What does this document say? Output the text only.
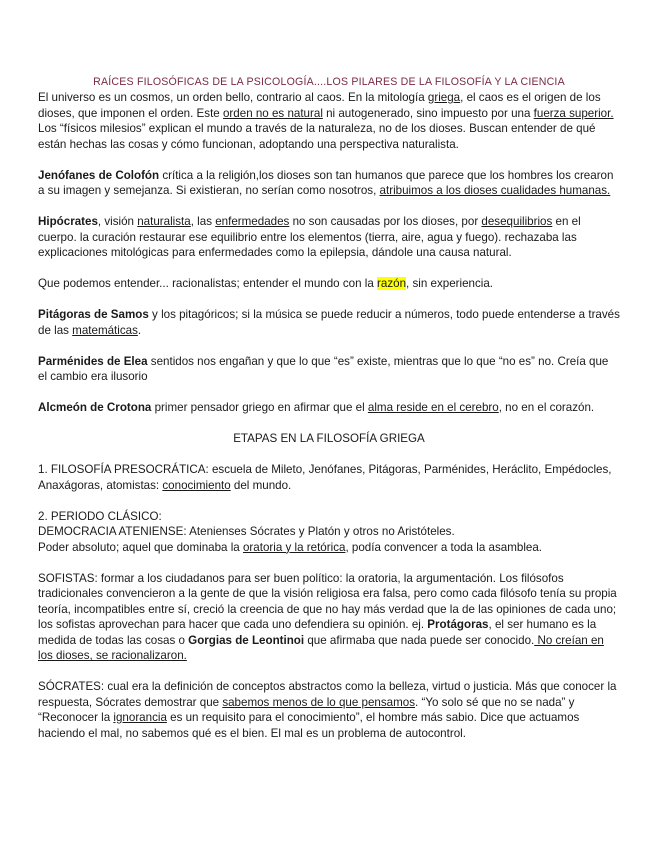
RAÍCES FILOSÓFICAS DE LA PSICOLOGÍA....LOS PILARES DE LA FILOSOFÍA Y LA CIENCIA

El universo es un cosmos, un orden bello, contrario al caos. En la mitología griega, el caos es el origen de los dioses, que imponen el orden. Este orden no es natural ni autogenerado, sino impuesto por una fuerza superior. Los “físicos milesios” explican el mundo a través de la naturaleza, no de los dioses. Buscan entender de qué están hechas las cosas y cómo funcionan, adoptando una perspectiva naturalista.

Jenófanes de Colofón crítica a la religión,los dioses son tan humanos que parece que los hombres los crearon a su imagen y semejanza. Si existieran, no serían como nosotros, atribuimos a los dioses cualidades humanas.

Hipócrates, visión naturalista, las enfermedades no son causadas por los dioses, por desequilibrios en el cuerpo. la curación restaurar ese equilibrio entre los elementos (tierra, aire, agua y fuego). rechazaba las explicaciones mitológicas para enfermedades como la epilepsia, dándole una causa natural.

Que podemos entender... racionalistas; entender el mundo con la razón, sin experiencia.

Pitágoras de Samos y los pitagóricos; si la música se puede reducir a números, todo puede entenderse a través de las matemáticas.

Parménides de Elea sentidos nos engañan y que lo que “es” existe, mientras que lo que “no es” no. Creía que el cambio era ilusorio

Alcmeón de Crotona primer pensador griego en afirmar que el alma reside en el cerebro, no en el corazón.

ETAPAS EN LA FILOSOFÍA GRIEGA

1. FILOSOFÍA PRESOCRÁTICA: escuela de Mileto, Jenófanes, Pitágoras, Parménides, Heráclito, Empédocles, Anaxágoras, atomistas: conocimiento del mundo.

2. PERIODO CLÁSICO:

DEMOCRACIA ATENIENSE: Atenienses Sócrates y Platón y otros no Aristóteles.

Poder absoluto; aquel que dominaba la oratoria y la retórica, podía convencer a toda la asamblea.

SOFISTAS: formar a los ciudadanos para ser buen político: la oratoria, la argumentación. Los filósofos tradicionales convencieron a la gente de que la visión religiosa era falsa, pero como cada filósofo tenía su propia teoría, incompatibles entre sí, creció la creencia de que no hay más verdad que la de las opiniones de cada uno; los sofistas aprovechan para hacer que cada uno defendiera su opinión. ej. Protágoras, el ser humano es la medida de todas las cosas o Gorgias de Leontinoi que afirmaba que nada puede ser conocido. No creían en los dioses, se racionalizaron.

SÓCRATES: cual era la definición de conceptos abstractos como la belleza, virtud o justicia. Más que conocer la respuesta, Sócrates demostrar que sabemos menos de lo que pensamos. “Yo solo sé que no se nada” y “Reconocer la ignorancia es un requisito para el conocimiento”, el hombre más sabio. Dice que actuamos haciendo el mal, no sabemos qué es el bien. El mal es un problema de autocontrol.
